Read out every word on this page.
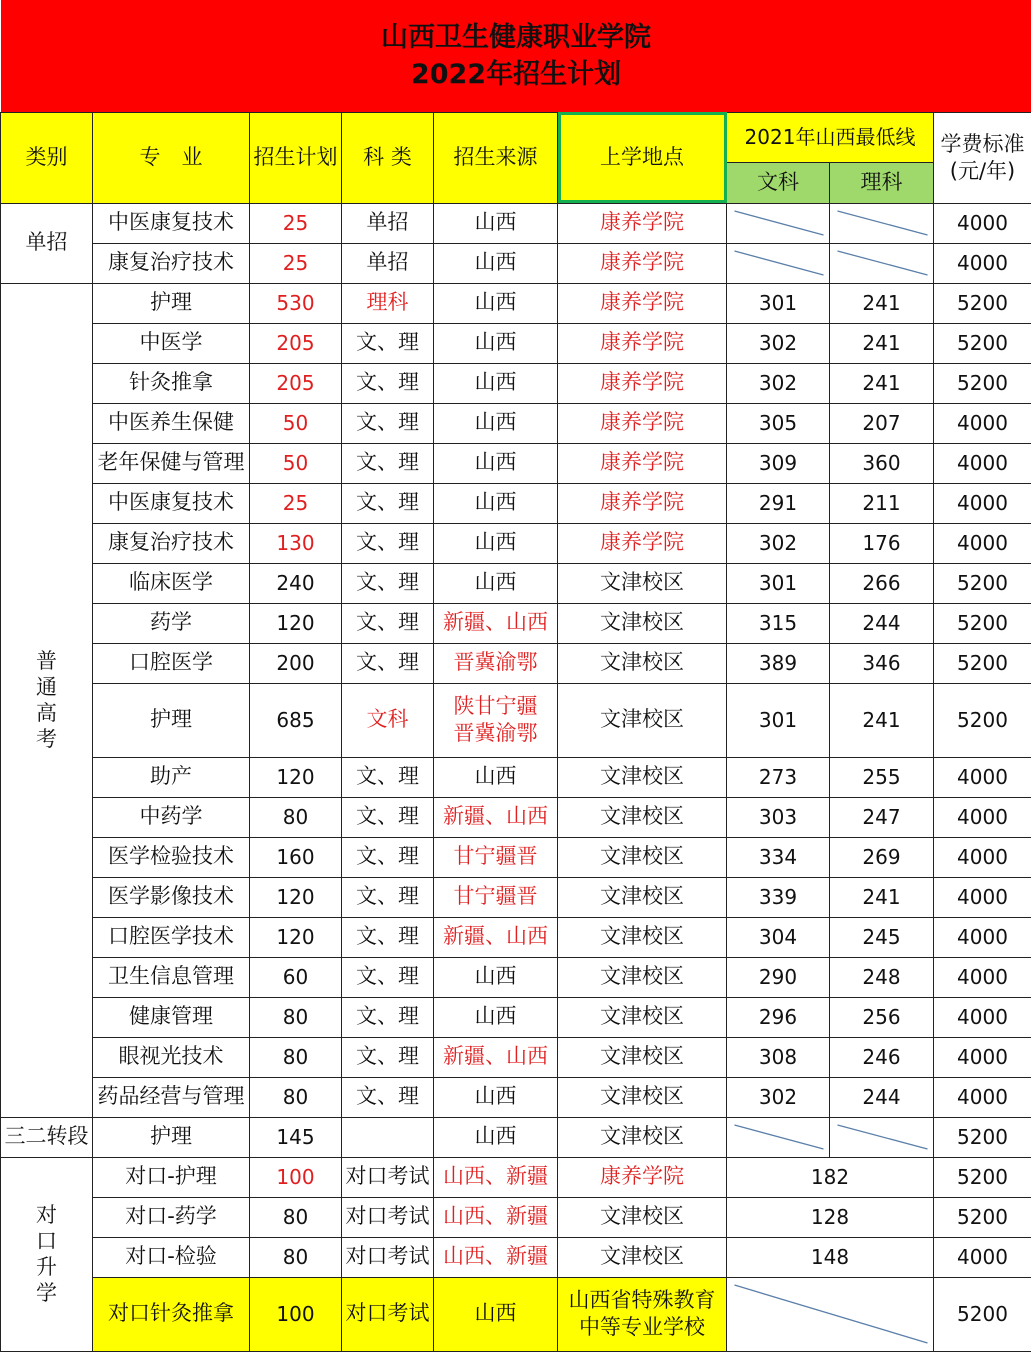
山西卫生健康职业学院
2022年招生计划								
类别	专　业	招生计划	科 类	招生来源	上学地点	2021年山西最低线		学费标准
(元/年)
						文科	理科	
单招	中医康复技术	25	单招	山西	康养学院			4000
	康复治疗技术	25	单招	山西	康养学院			4000
普通高考	护理	530	理科	山西	康养学院	301	241	5200
	中医学	205	文、理	山西	康养学院	302	241	5200
	针灸推拿	205	文、理	山西	康养学院	302	241	5200
	中医养生保健	50	文、理	山西	康养学院	305	207	4000
	老年保健与管理	50	文、理	山西	康养学院	309	360	4000
	中医康复技术	25	文、理	山西	康养学院	291	211	4000
	康复治疗技术	130	文、理	山西	康养学院	302	176	4000
	临床医学	240	文、理	山西	文津校区	301	266	5200
	药学	120	文、理	新疆、山西	文津校区	315	244	5200
	口腔医学	200	文、理	晋冀渝鄂	文津校区	389	346	5200
	护理	685	文科	陕甘宁疆
晋冀渝鄂	文津校区	301	241	5200
	助产	120	文、理	山西	文津校区	273	255	4000
	中药学	80	文、理	新疆、山西	文津校区	303	247	4000
	医学检验技术	160	文、理	甘宁疆晋	文津校区	334	269	4000
	医学影像技术	120	文、理	甘宁疆晋	文津校区	339	241	4000
	口腔医学技术	120	文、理	新疆、山西	文津校区	304	245	4000
	卫生信息管理	60	文、理	山西	文津校区	290	248	4000
	健康管理	80	文、理	山西	文津校区	296	256	4000
	眼视光技术	80	文、理	新疆、山西	文津校区	308	246	4000
	药品经营与管理	80	文、理	山西	文津校区	302	244	4000
三二转段	护理	145		山西	文津校区			5200
对口升学	对口-护理	100	对口考试	山西、新疆	康养学院	182		5200
	对口-药学	80	对口考试	山西、新疆	文津校区	128		5200
	对口-检验	80	对口考试	山西、新疆	文津校区	148		4000
	对口针灸推拿	100	对口考试	山西	山西省特殊教育
中等专业学校			5200
